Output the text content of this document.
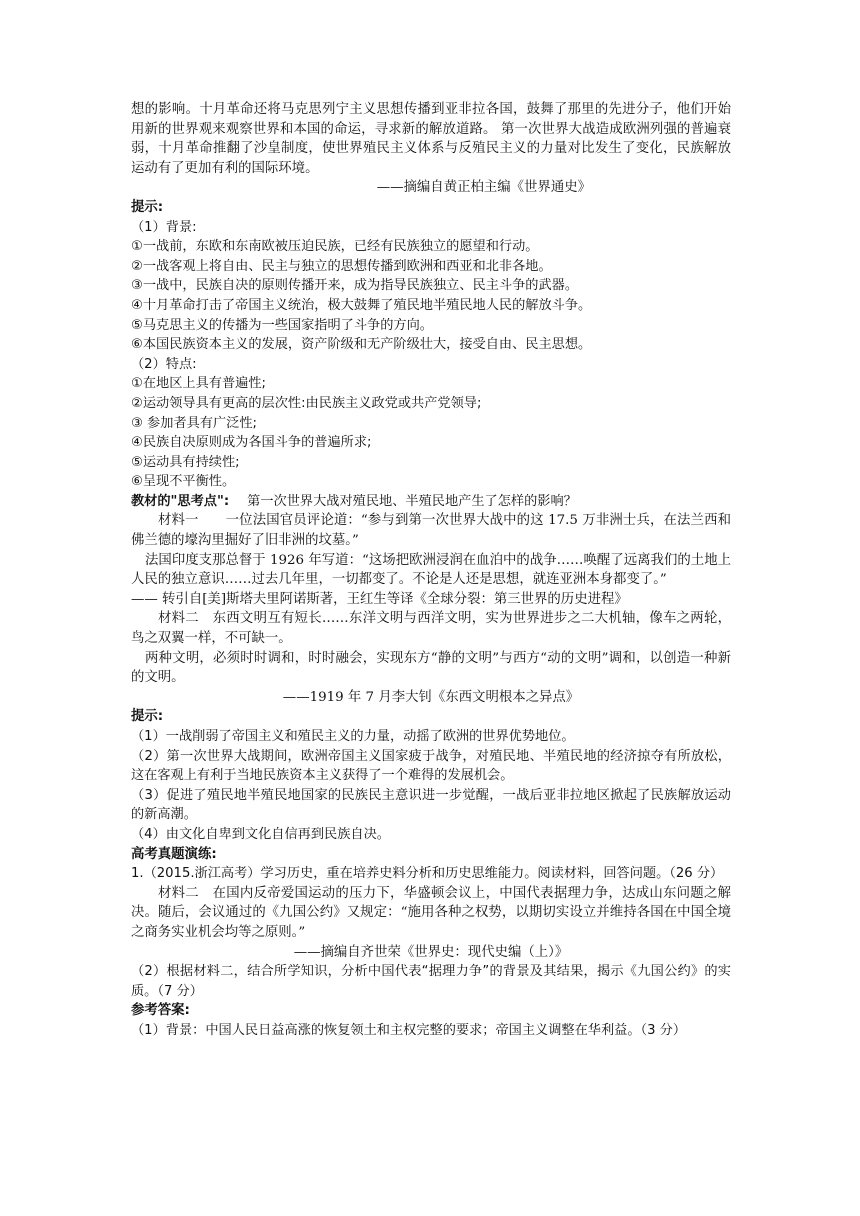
想的影响。十月革命还将马克思列宁主义思想传播到亚非拉各国，鼓舞了那里的先进分子，他们开始用新的世界观来观察世界和本国的命运，寻求新的解放道路。 第一次世界大战造成欧洲列强的普遍衰弱，十月革命推翻了沙皇制度，使世界殖民主义体系与反殖民主义的力量对比发生了变化，民族解放运动有了更加有利的国际环境。

——摘编自黄正柏主编《世界通史》

提示:

（1）背景:

①一战前，东欧和东南欧被压迫民族，已经有民族独立的愿望和行动。

②一战客观上将自由、民主与独立的思想传播到欧洲和西亚和北非各地。

③一战中，民族自决的原则传播开来，成为指导民族独立、民主斗争的武器。

④十月革命打击了帝国主义统治，极大鼓舞了殖民地半殖民地人民的解放斗争。

⑤马克思主义的传播为一些国家指明了斗争的方向。

⑥本国民族资本主义的发展，资产阶级和无产阶级壮大，接受自由、民主思想。

（2）特点:

①在地区上具有普遍性;

②运动领导具有更高的层次性:由民族主义政党或共产党领导;

③ 参加者具有广泛性;

④民族自决原则成为各国斗争的普遍所求;

⑤运动具有持续性;

⑥呈现不平衡性。

教材的"思考点": 第一次世界大战对殖民地、半殖民地产生了怎样的影响？

材料一　　一位法国官员评论道：“参与到第一次世界大战中的这 17.5 万非洲士兵，在法兰西和佛兰德的壕沟里掘好了旧非洲的坟墓。”

法国印度支那总督于 1926 年写道：“这场把欧洲浸润在血泊中的战争……唤醒了远离我们的土地上人民的独立意识……过去几年里，一切都变了。不论是人还是思想，就连亚洲本身都变了。”

—— 转引自[美]斯塔夫里阿诺斯著，王红生等译《全球分裂：第三世界的历史进程》

材料二　东西文明互有短长……东洋文明与西洋文明，实为世界进步之二大机轴，像车之两轮，鸟之双翼一样，不可缺一。

两种文明，必须时时调和，时时融会，实现东方“静的文明”与西方“动的文明”调和，以创造一种新的文明。

——1919 年 7 月李大钊《东西文明根本之异点》

提示:

（1）一战削弱了帝国主义和殖民主义的力量，动摇了欧洲的世界优势地位。

（2）第一次世界大战期间，欧洲帝国主义国家疲于战争，对殖民地、半殖民地的经济掠夺有所放松，这在客观上有利于当地民族资本主义获得了一个难得的发展机会。

（3）促进了殖民地半殖民地国家的民族民主意识进一步觉醒，一战后亚非拉地区掀起了民族解放运动的新高潮。

（4）由文化自卑到文化自信再到民族自决。

高考真题演练:

1.（2015.浙江高考）学习历史，重在培养史料分析和历史思维能力。阅读材料，回答问题。（26 分）

材料二　在国内反帝爱国运动的压力下，华盛顿会议上，中国代表据理力争，达成山东问题之解决。随后，会议通过的《九国公约》又规定：“施用各种之权势，以期切实设立并维持各国在中国全境之商务实业机会均等之原则。”

——摘编自齐世荣《世界史：现代史编（上）》

（2）根据材料二，结合所学知识，分析中国代表“据理力争”的背景及其结果，揭示《九国公约》的实质。（7 分）

参考答案:

（1）背景：中国人民日益高涨的恢复领土和主权完整的要求；帝国主义调整在华利益。（3 分）
